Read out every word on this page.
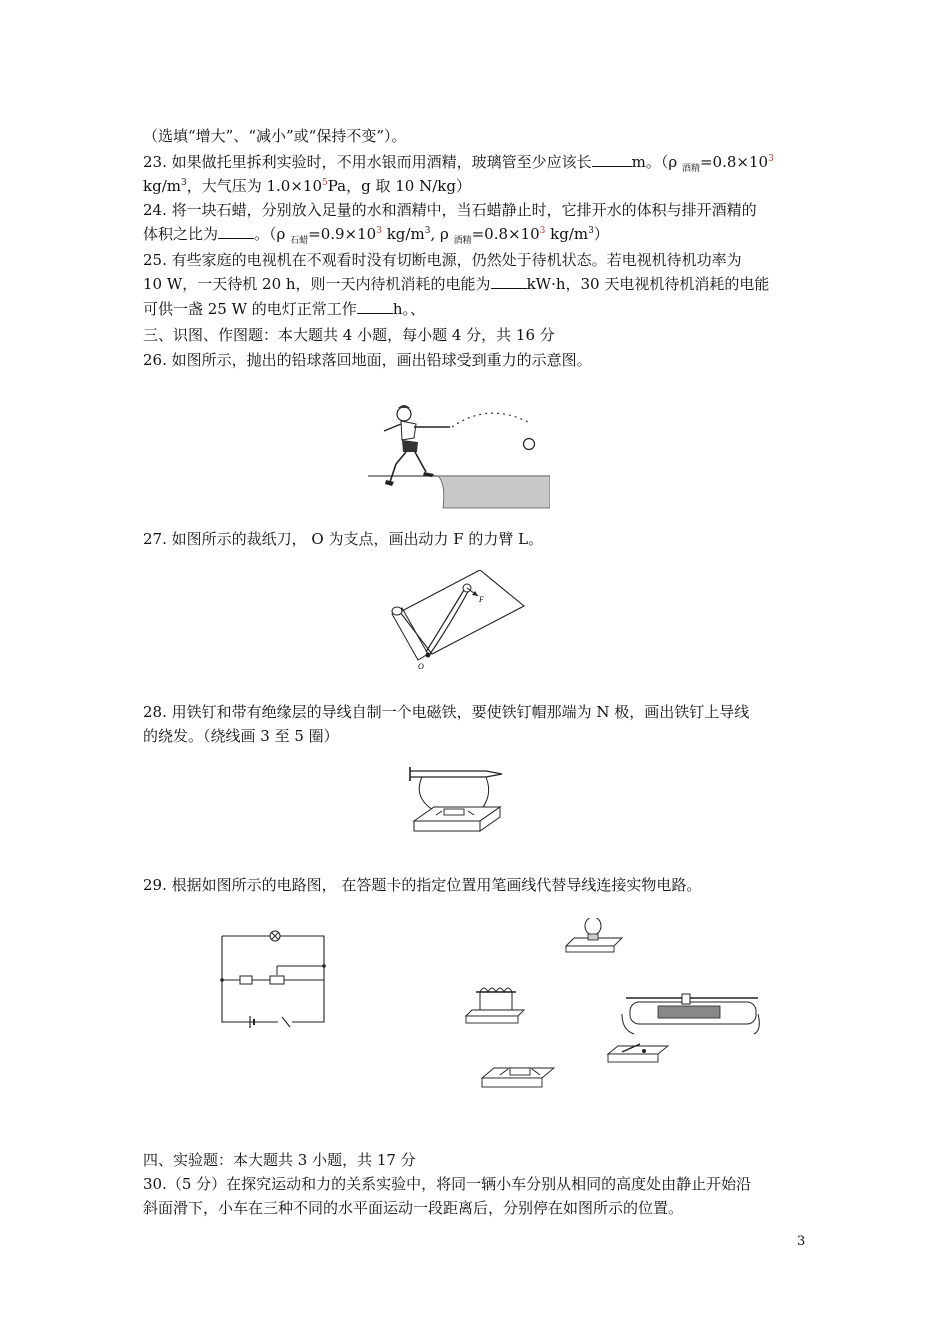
（选填“增大”、“减小”或“保持不变”）。
23. 如果做托里拆利实验时，不用水银而用酒精，玻璃管至少应该长	m。（ρ $_{酒精}=0.8\times 10^3$
$kg/m^3$，大气压为 $1.0\times 10^5Pa$，g 取 10 N/kg）
24. 将一块石蜡，分别放入足量的水和酒精中，当石蜡静止时，它排开水的体积与排开酒精的
体积之比为 。（ρ $_{石蜡}=0.9\times 10^3$ $kg/m^3$, ρ $_{酒精}=0.8\times 10^3$ $kg/m^3$）
25. 有些家庭的电视机在不观看时没有切断电源，仍然处于待机状态。若电视机待机功率为
10 W，一天待机 20 h，则一天内待机消耗的电能为 kW·h，30 天电视机待机消耗的电能
可供一盏 25 W 的电灯正常工作 h。、
三、识图、作图题：本大题共 4 小题，每小题 4 分，共 16 分
26. 如图所示，抛出的铅球落回地面，画出铅球受到重力的示意图。
27. 如图所示的裁纸刀， O 为支点，画出动力 F 的力臂 L。
F
O
28. 用铁钉和带有绝缘层的导线自制一个电磁铁，要使铁钉帽那端为 N 极，画出铁钉上导线
的绕发。（绕线画 3 至 5 圈）
29. 根据如图所示的电路图， 在答题卡的指定位置用笔画线代替导线连接实物电路。
四、实验题：本大题共 3 小题，共 17 分
30.（5 分）在探究运动和力的关系实验中，将同一辆小车分别从相同的高度处由静止开始沿
斜面滑下，小车在三种不同的水平面运动一段距离后，分别停在如图所示的位置。
3
